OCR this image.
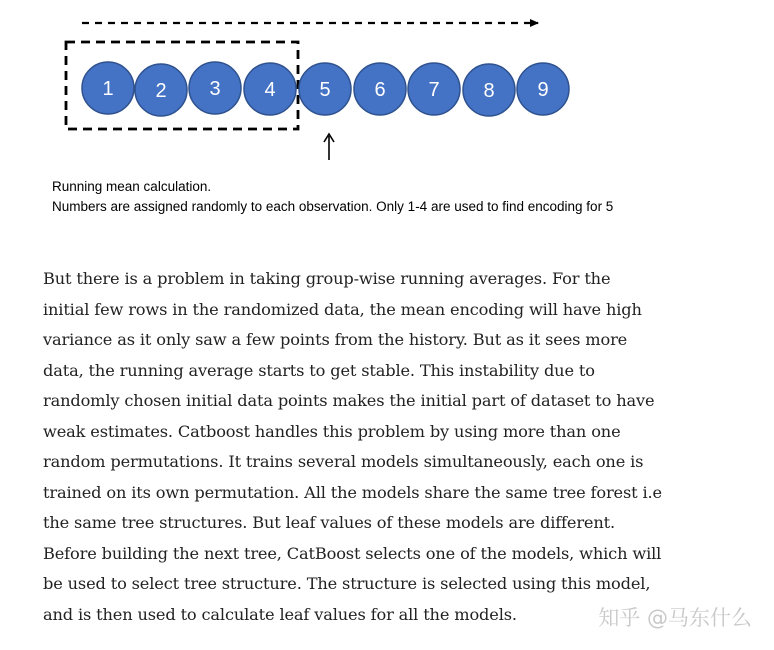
1 2 3 4 5 6 7 8 9
Running mean calculation.
Numbers are assigned randomly to each observation. Only 1-4 are used to find encoding for 5
But there is a problem in taking group-wise running averages. For the
initial few rows in the randomized data, the mean encoding will have high
variance as it only saw a few points from the history. But as it sees more
data, the running average starts to get stable. This instability due to
randomly chosen initial data points makes the initial part of dataset to have
weak estimates. Catboost handles this problem by using more than one
random permutations. It trains several models simultaneously, each one is
trained on its own permutation. All the models share the same tree forest i.e
the same tree structures. But leaf values of these models are different.
Before building the next tree, CatBoost selects one of the models, which will
be used to select tree structure. The structure is selected using this model,
and is then used to calculate leaf values for all the models.	知乎 @马东什么
